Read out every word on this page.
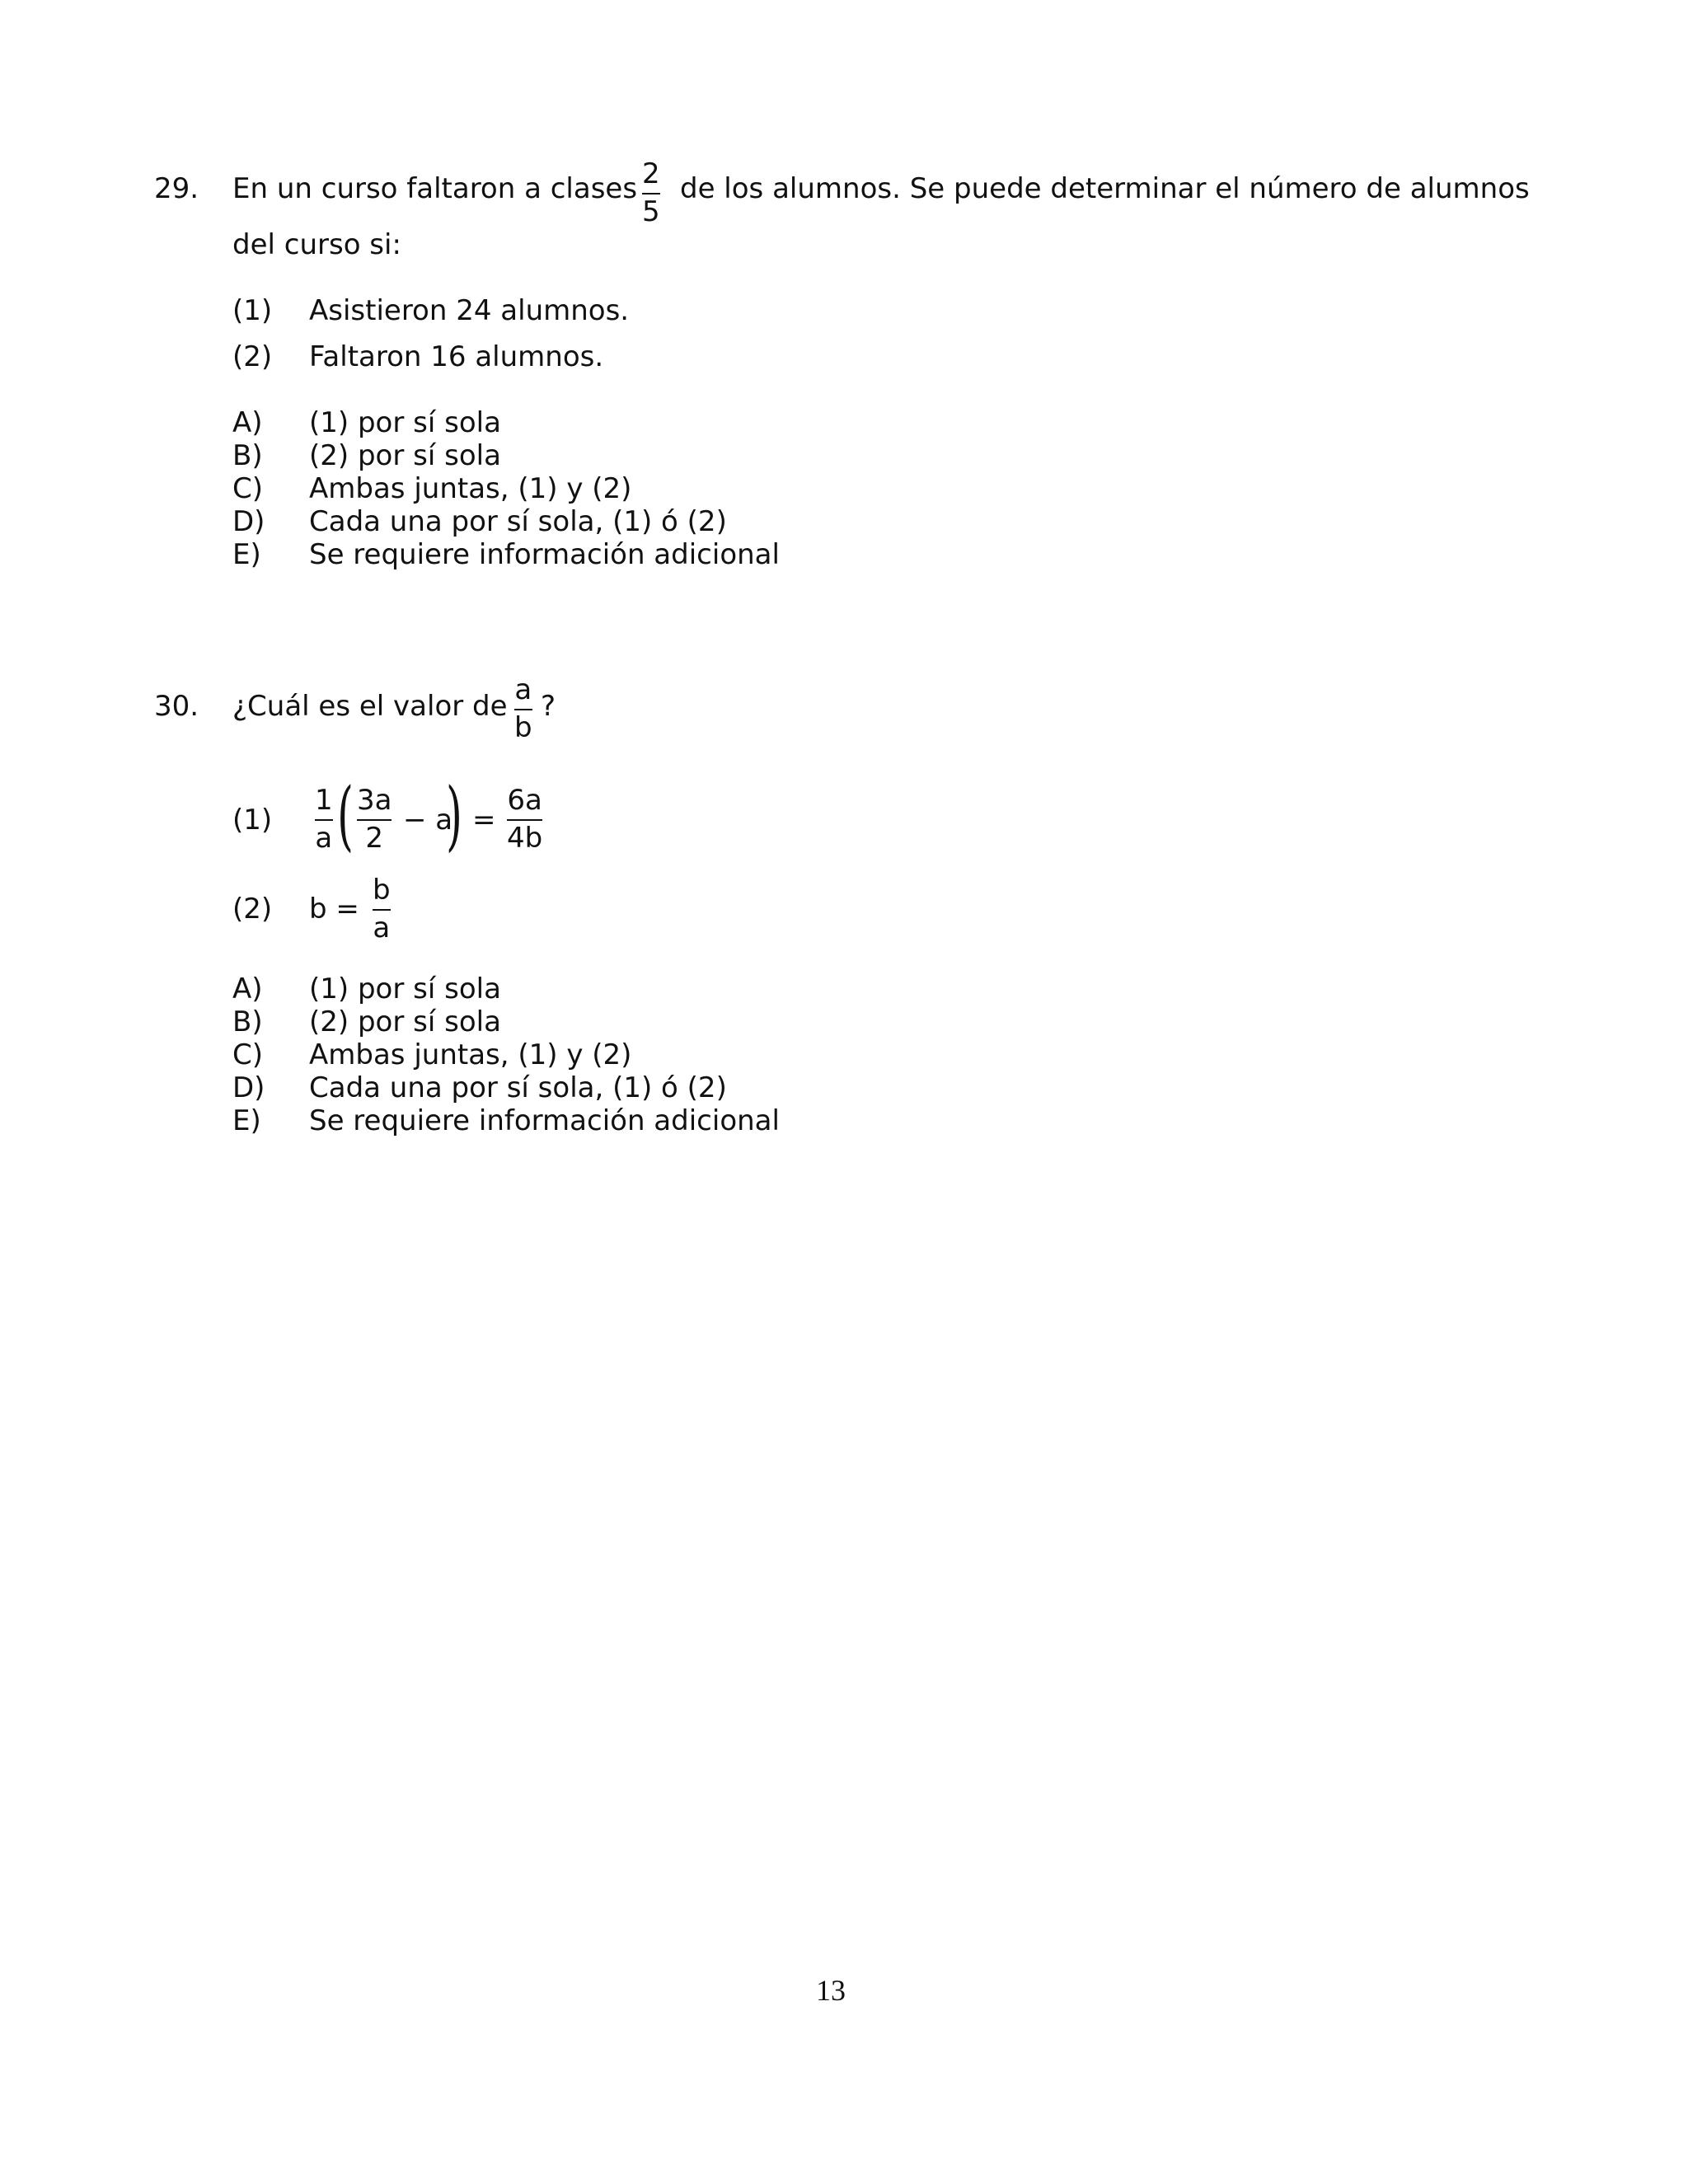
29. En un curso faltaron a clases 2
5
de los alumnos. Se puede determinar el número de alumnos
del curso si:
(1) Asistieron 24 alumnos.
(2) Faltaron 16 alumnos.
A) (1) por sí sola
B) (2) por sí sola
C) Ambas juntas, (1) y (2)
D) Cada una por sí sola, (1) ó (2)
E) Se requiere información adicional
30. ¿Cuál es el valor de a
b
?
(1)
1
a ( 3a
2
− a
) =
6a
4b
(2) b =
b
a
A) (1) por sí sola
B) (2) por sí sola
C) Ambas juntas, (1) y (2)
D) Cada una por sí sola, (1) ó (2)
E) Se requiere información adicional
13
